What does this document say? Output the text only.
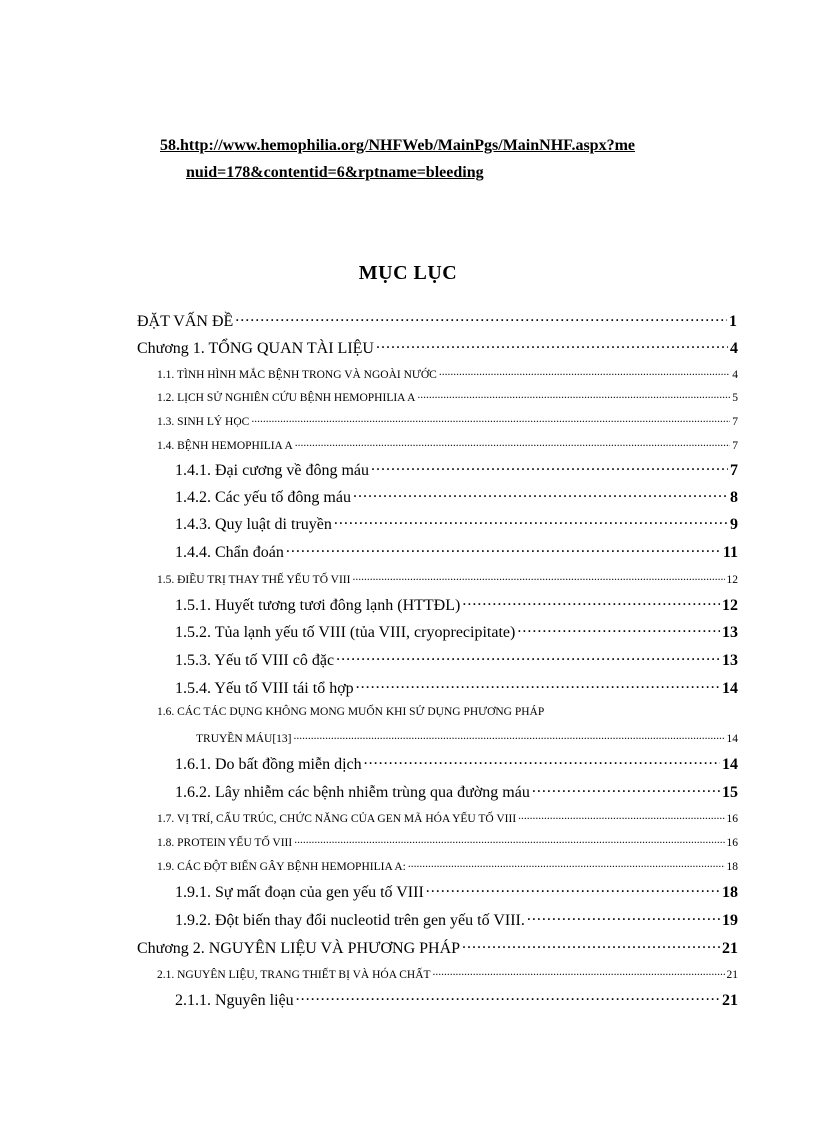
58.http://www.hemophilia.org/NHFWeb/MainPgs/MainNHF.aspx?me
nuid=178&contentid=6&rptname=bleeding
MỤC LỤC
ĐẶT VẤN ĐỀ .....	1
Chương 1. TỔNG QUAN TÀI LIỆU .....	4
1.1. TÌNH HÌNH MẮC BỆNH TRONG VÀ NGOÀI NƯỚC .....	4
1.2. LỊCH SỬ NGHIÊN CỨU BỆNH HEMOPHILIA A .....	5
1.3. SINH LÝ HỌC .....	7
1.4. BỆNH HEMOPHILIA A .....	7
1.4.1. Đại cương về đông máu .....	7
1.4.2. Các yếu tố đông máu .....	8
1.4.3. Quy luật di truyền .....	9
1.4.4. Chẩn đoán .....	11
1.5. ĐIỀU TRỊ THAY THẾ YẾU TỐ VIII .....	12
1.5.1. Huyết tương tươi đông lạnh (HTTĐL) .....	12
1.5.2. Tủa lạnh yếu tố VIII (tủa VIII, cryoprecipitate) .....	13
1.5.3. Yếu tố VIII cô đặc .....	13
1.5.4. Yếu tố VIII tái tổ hợp .....	14
1.6. CÁC TÁC DỤNG KHÔNG MONG MUỐN KHI SỬ DỤNG PHƯƠNG PHÁP
TRUYỀN MÁU[13] .....	14
1.6.1. Do bất đồng miễn dịch .....	14
1.6.2. Lây nhiễm các bệnh nhiễm trùng qua đường máu .....	15
1.7. VỊ TRÍ, CẤU TRÚC, CHỨC NĂNG CỦA GEN MÃ HÓA YẾU TỐ VIII .....	16
1.8. PROTEIN YẾU TỐ VIII .....	16
1.9. CÁC ĐỘT BIẾN GÂY BỆNH HEMOPHILIA A: .....	18
1.9.1. Sự mất đoạn của gen yếu tố VIII .....	18
1.9.2. Đột biến thay đổi nucleotid trên gen yếu tố VIII. .....	19
Chương 2. NGUYÊN LIỆU VÀ PHƯƠNG PHÁP .....	21
2.1. NGUYÊN LIỆU, TRANG THIẾT BỊ VÀ HÓA CHẤT .....	21
2.1.1. Nguyên liệu .....	21
